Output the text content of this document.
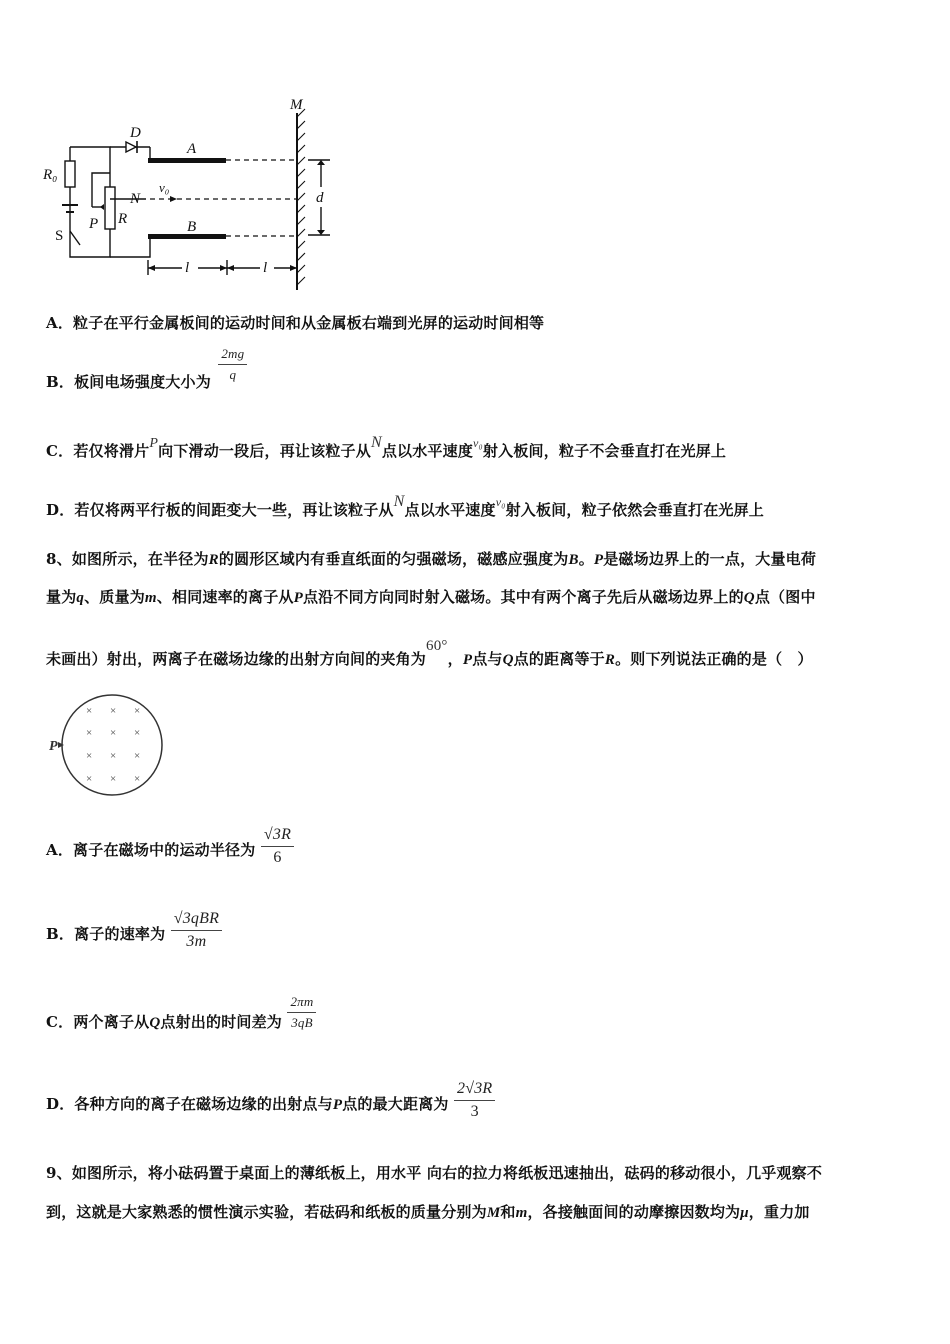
M
D
A
B
R₀
N
v₀
d
S
P R
l	l
A．粒子在平行金属板间的运动时间和从金属板右端到光屏的运动时间相等
B．板间电场强度大小为 $\frac{2mg}{q}$
C．若仅将滑片P向下滑动一段后，再让该粒子从N点以水平速度$^{v_0}$射入板间，粒子不会垂直打在光屏上
D．若仅将两平行板的间距变大一些，再让该粒子从N点以水平速度$^{v_0}$射入板间，粒子依然会垂直打在光屏上
8、如图所示，在半径为R的圆形区域内有垂直纸面的匀强磁场，磁感应强度为B。P是磁场边界上的一点，大量电荷
量为q、质量为m、相同速率的离子从P点沿不同方向同时射入磁场。其中有两个离子先后从磁场边界上的Q点（图中
未画出）射出，两离子在磁场边缘的出射方向间的夹角为60°，P点与Q点的距离等于R。则下列说法正确的是（　）
× × ×
× × ×
× × ×
× × ×
P
A．离子在磁场中的运动半径为 $\frac{√3R}{6}$
B．离子的速率为 $\frac{\text{√3qBR}}{3m}$
C．两个离子从Q点射出的时间差为 $\frac{2\pi m}{3qB}$
D．各种方向的离子在磁场边缘的出射点与P点的最大距离为 $\frac{2√3R}{3}$
9、如图所示，将小砝码置于桌面上的薄纸板上，用水平 向右的拉力将纸板迅速抽出，砝码的移动很小，几乎观察不
到，这就是大家熟悉的惯性演示实验，若砝码和纸板的质量分别为M和m，各接触面间的动摩擦因数均为μ，重力加
